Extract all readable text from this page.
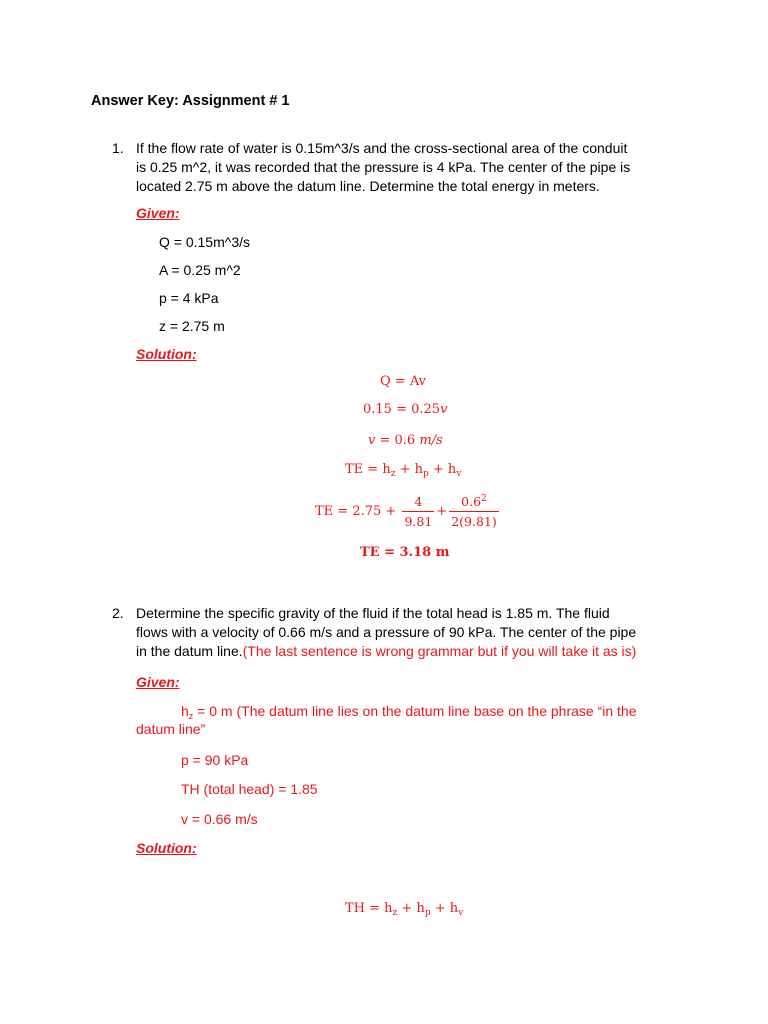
Answer Key: Assignment # 1
1. If the flow rate of water is 0.15m^3/s and the cross-sectional area of the conduit
is 0.25 m^2, it was recorded that the pressure is 4 kPa. The center of the pipe is
located 2.75 m above the datum line. Determine the total energy in meters.
Given:
Q = 0.15m^3/s
A = 0.25 m^2
p = 4 kPa
z = 2.75 m
Solution:
Q = Av
0.15 = 0.25v
v = 0.6 m/s
TE = $h_z + h_p + h_v$
TE = $2.75 + \frac{4}{9.81} + \frac{0.6^2}{2(9.81)}$
TE = 3.18 m
2. Determine the specific gravity of the fluid if the total head is 1.85 m. The fluid
flows with a velocity of 0.66 m/s and a pressure of 90 kPa. The center of the pipe
in the datum line.(The last sentence is wrong grammar but if you will take it as is)
Given:
$h_z = 0$ m (The datum line lies on the datum line base on the phrase “in the
datum line”
p = 90 kPa
TH (total head) = 1.85
v = 0.66 m/s
Solution:
TH = $h_z + h_p + h_v$
